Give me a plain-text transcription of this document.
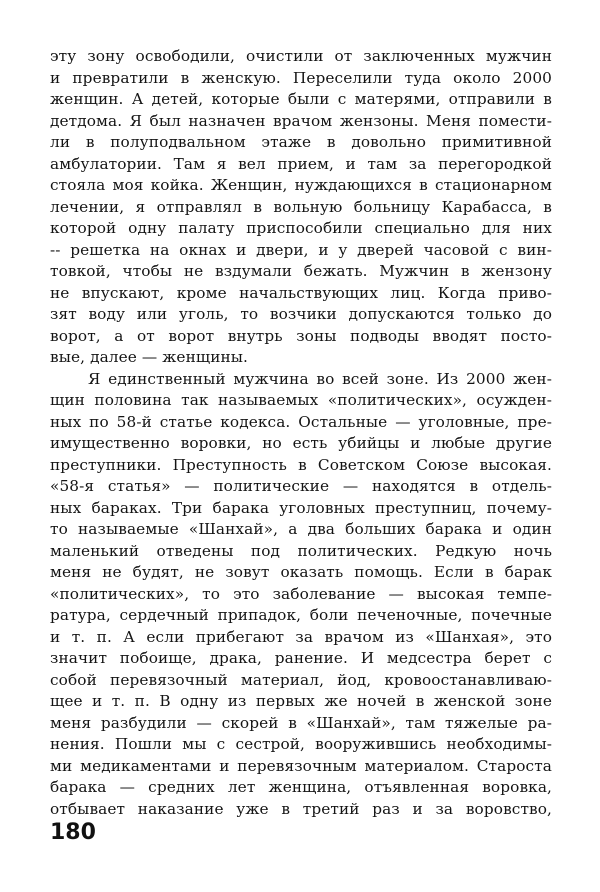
эту зону освободили, очистили от заключенных мужчин
и превратили в женскую. Переселили туда около 2000
женщин. А детей, которые были с матерями, отправили в
детдома. Я был назначен врачом жензоны. Меня помести-
ли в полуподвальном этаже в довольно примитивной
амбулатории. Там я вел прием, и там за перегородкой
стояла моя койка. Женщин, нуждающихся в стационарном
лечении, я отправлял в вольную больницу Карабасса, в
которой одну палату приспособили специально для них
-- решетка на окнах и двери, и у дверей часовой с вин-
товкой, чтобы не вздумали бежать. Мужчин в жензону
не впускают, кроме начальствующих лиц. Когда приво-
зят воду или уголь, то возчики допускаются только до
ворот, а от ворот внутрь зоны подводы вводят посто-
вые, далее — женщины.
Я единственный мужчина во всей зоне. Из 2000 жен-
щин половина так называемых «политических», осужден-
ных по 58-й статье кодекса. Остальные — уголовные, пре-
имущественно воровки, но есть убийцы и любые другие
преступники. Преступность в Советском Союзе высокая.
«58-я статья» — политические — находятся в отдель-
ных бараках. Три барака уголовных преступниц, почему-
то называемые «Шанхай», а два больших барака и один
маленький отведены под политических. Редкую ночь
меня не будят, не зовут оказать помощь. Если в барак
«политических», то это заболевание — высокая темпе-
ратура, сердечный припадок, боли печеночные, почечные
и т. п. А если прибегают за врачом из «Шанхая», это
значит побоище, драка, ранение. И медсестра берет с
собой перевязочный материал, йод, кровоостанавливаю-
щее и т. п. В одну из первых же ночей в женской зоне
меня разбудили — скорей в «Шанхай», там тяжелые ра-
нения. Пошли мы с сестрой, вооружившись необходимы-
ми медикаментами и перевязочным материалом. Староста
барака — средних лет женщина, отъявленная воровка,
отбывает наказание уже в третий раз и за воровство,
180
